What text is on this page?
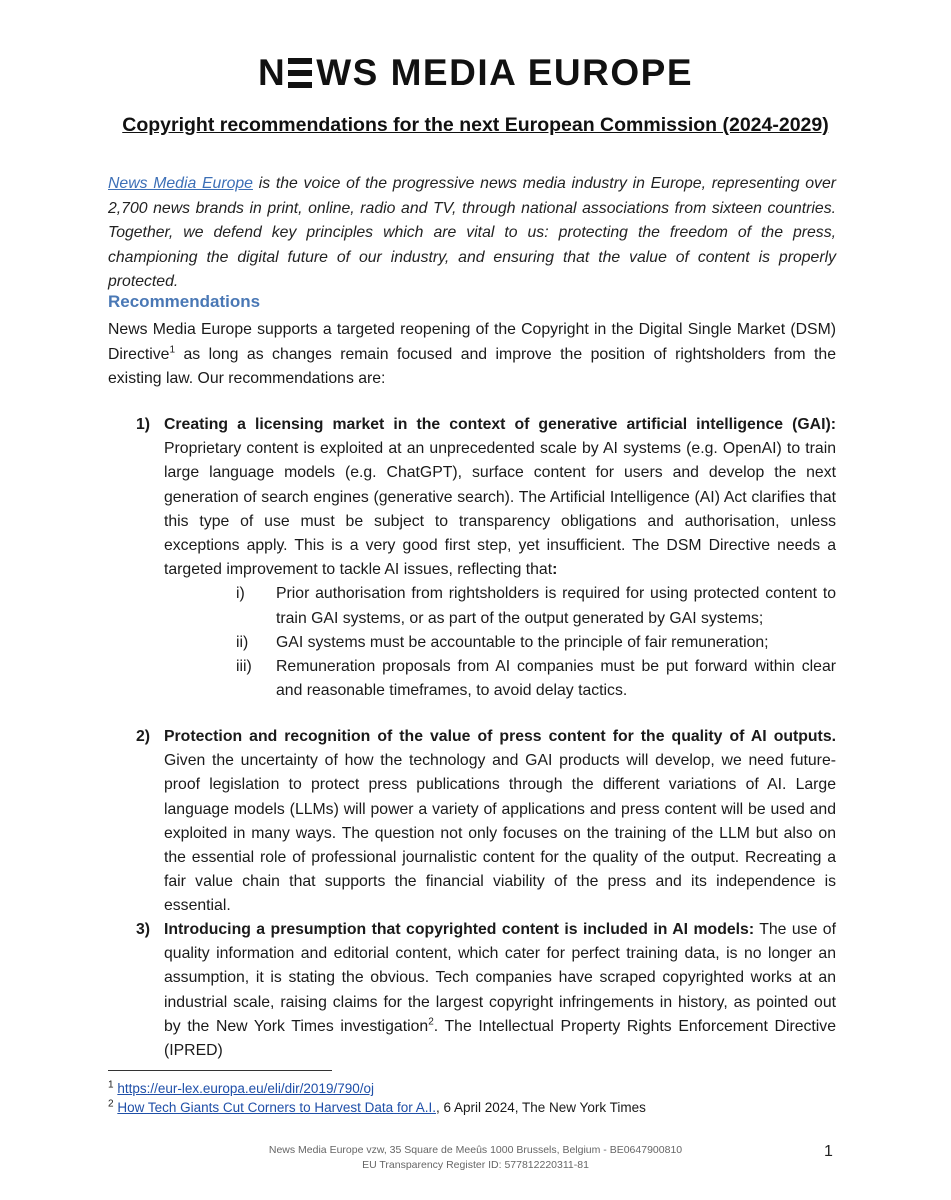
N WS MEDIA EUROPE
Copyright recommendations for the next European Commission (2024-2029)

News Media Europe is the voice of the progressive news media industry in Europe, representing over 2,700 news brands in print, online, radio and TV, through national associations from sixteen countries. Together, we defend key principles which are vital to us: protecting the freedom of the press, championing the digital future of our industry, and ensuring that the value of content is properly protected.

Recommendations

News Media Europe supports a targeted reopening of the Copyright in the Digital Single Market (DSM) Directive$^1$ as long as changes remain focused and improve the position of rightsholders from the existing law. Our recommendations are:

1) Creating a licensing market in the context of generative artificial intelligence (GAI): Proprietary content is exploited at an unprecedented scale by AI systems (e.g. OpenAI) to train large language models (e.g. ChatGPT), surface content for users and develop the next generation of search engines (generative search). The Artificial Intelligence (AI) Act clarifies that this type of use must be subject to transparency obligations and authorisation, unless exceptions apply. This is a very good first step, yet insufficient. The DSM Directive needs a targeted improvement to tackle AI issues, reflecting that:

i) Prior authorisation from rightsholders is required for using protected content to train GAI systems, or as part of the output generated by GAI systems;
ii) GAI systems must be accountable to the principle of fair remuneration;
iii) Remuneration proposals from AI companies must be put forward within clear and reasonable timeframes, to avoid delay tactics.
2) Protection and recognition of the value of press content for the quality of AI outputs. Given the uncertainty of how the technology and GAI products will develop, we need future-proof legislation to protect press publications through the different variations of AI. Large language models (LLMs) will power a variety of applications and press content will be used and exploited in many ways. The question not only focuses on the training of the LLM but also on the essential role of professional journalistic content for the quality of the output. Recreating a fair value chain that supports the financial viability of the press and its independence is essential.

3) Introducing a presumption that copyrighted content is included in AI models: The use of quality information and editorial content, which cater for perfect training data, is no longer an assumption, it is stating the obvious. Tech companies have scraped copyrighted works at an industrial scale, raising claims for the largest copyright infringements in history, as pointed out by the New York Times investigation$^2$. The Intellectual Property Rights Enforcement Directive (IPRED)

$^1$ https://eur-lex.europa.eu/eli/dir/2019/790/oj
$^2$ How Tech Giants Cut Corners to Harvest Data for A.I., 6 April 2024, The New York Times
News Media Europe vzw, 35 Square de Meeûs 1000 Brussels, Belgium - BE0647900810
EU Transparency Register ID: 577812220311-81
1
